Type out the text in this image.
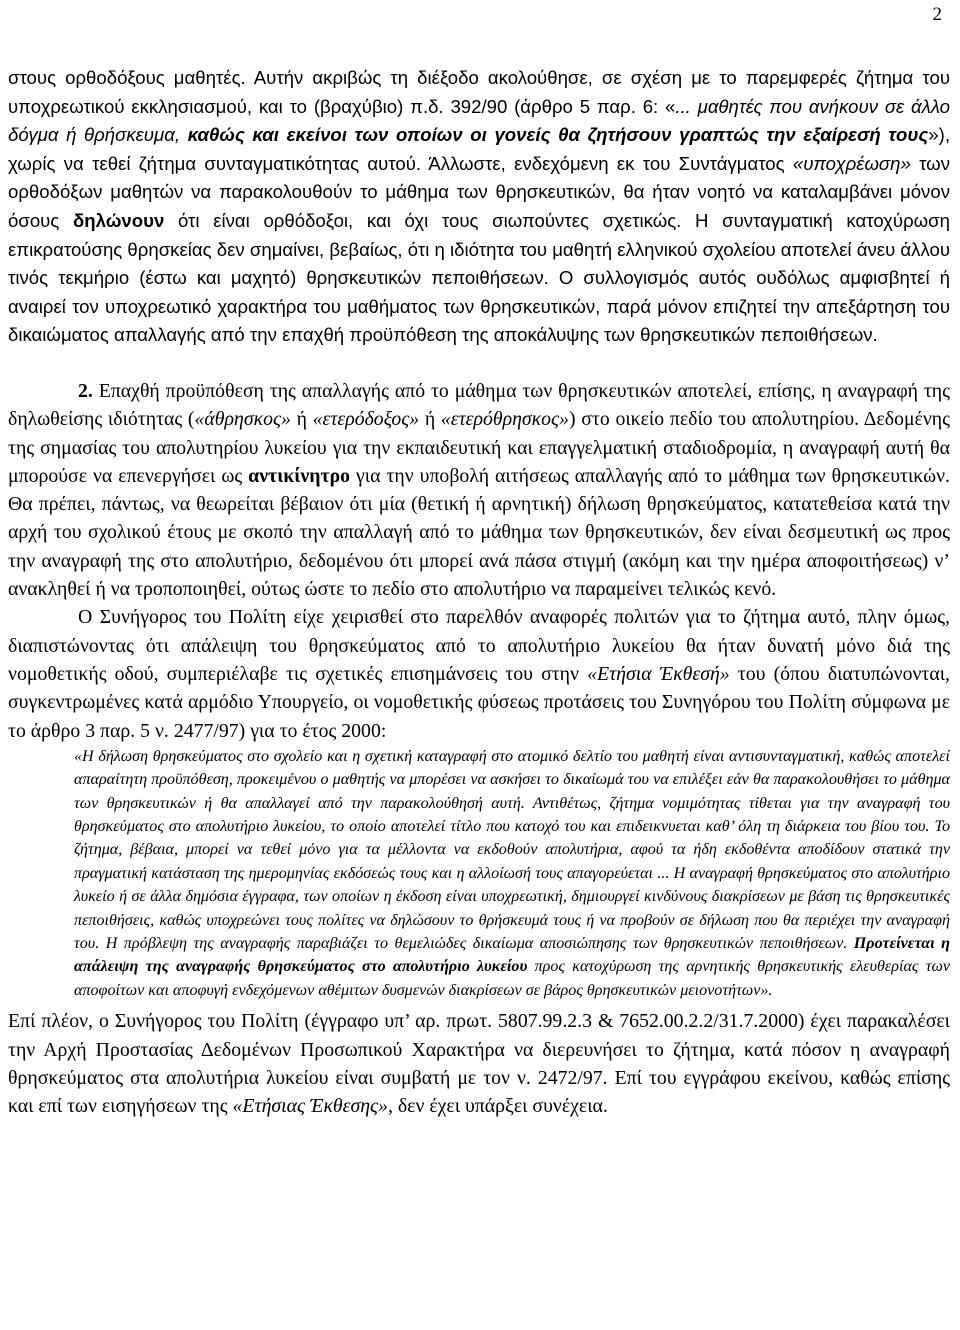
2

στους ορθοδόξους μαθητές. Αυτήν ακριβώς τη διέξοδο ακολούθησε, σε σχέση με το παρεμφερές ζήτημα του υποχρεωτικού εκκλησιασμού, και το (βραχύβιο) π.δ. 392/90 (άρθρο 5 παρ. 6: «... μαθητές που ανήκουν σε άλλο δόγμα ή θρήσκευμα, καθώς και εκείνοι των οποίων οι γονείς θα ζητήσουν γραπτώς την εξαίρεσή τους»), χωρίς να τεθεί ζήτημα συνταγματικότητας αυτού. Άλλωστε, ενδεχόμενη εκ του Συντάγματος «υποχρέωση» των ορθοδόξων μαθητών να παρακολουθούν το μάθημα των θρησκευτικών, θα ήταν νοητό να καταλαμβάνει μόνον όσους δηλώνουν ότι είναι ορθόδοξοι, και όχι τους σιωπούντες σχετικώς. Η συνταγματική κατοχύρωση επικρατούσης θρησκείας δεν σημαίνει, βεβαίως, ότι η ιδιότητα του μαθητή ελληνικού σχολείου αποτελεί άνευ άλλου τινός τεκμήριο (έστω και μαχητό) θρησκευτικών πεποιθήσεων. Ο συλλογισμός αυτός ουδόλως αμφισβητεί ή αναιρεί τον υποχρεωτικό χαρακτήρα του μαθήματος των θρησκευτικών, παρά μόνον επιζητεί την απεξάρτηση του δικαιώματος απαλλαγής από την επαχθή προϋπόθεση της αποκάλυψης των θρησκευτικών πεποιθήσεων.

2. Επαχθή προϋπόθεση της απαλλαγής από το μάθημα των θρησκευτικών αποτελεί, επίσης, η αναγραφή της δηλωθείσης ιδιότητας («άθρησκος» ή «ετερόδοξος» ή «ετερόθρησκος») στο οικείο πεδίο του απολυτηρίου. Δεδομένης της σημασίας του απολυτηρίου λυκείου για την εκπαιδευτική και επαγγελματική σταδιοδρομία, η αναγραφή αυτή θα μπορούσε να επενεργήσει ως αντικίνητρο για την υποβολή αιτήσεως απαλλαγής από το μάθημα των θρησκευτικών. Θα πρέπει, πάντως, να θεωρείται βέβαιον ότι μία (θετική ή αρνητική) δήλωση θρησκεύματος, κατατεθείσα κατά την αρχή του σχολικού έτους με σκοπό την απαλλαγή από το μάθημα των θρησκευτικών, δεν είναι δεσμευτική ως προς την αναγραφή της στο απολυτήριο, δεδομένου ότι μπορεί ανά πάσα στιγμή (ακόμη και την ημέρα αποφοιτήσεως) ν’ ανακληθεί ή να τροποποιηθεί, ούτως ώστε το πεδίο στο απολυτήριο να παραμείνει τελικώς κενό.

Ο Συνήγορος του Πολίτη είχε χειρισθεί στο παρελθόν αναφορές πολιτών για το ζήτημα αυτό, πλην όμως, διαπιστώνοντας ότι απάλειψη του θρησκεύματος από το απολυτήριο λυκείου θα ήταν δυνατή μόνο διά της νομοθετικής οδού, συμπεριέλαβε τις σχετικές επισημάνσεις του στην «Ετήσια Έκθεσή» του (όπου διατυπώνονται, συγκεντρωμένες κατά αρμόδιο Υπουργείο, οι νομοθετικής φύσεως προτάσεις του Συνηγόρου του Πολίτη σύμφωνα με το άρθρο 3 παρ. 5 ν. 2477/97) για το έτος 2000:

«Η δήλωση θρησκεύματος στο σχολείο και η σχετική καταγραφή στο ατομικό δελτίο του μαθητή είναι αντισυνταγματική, καθώς αποτελεί απαραίτητη προϋπόθεση, προκειμένου ο μαθητής να μπορέσει να ασκήσει το δικαίωμά του να επιλέξει εάν θα παρακολουθήσει το μάθημα των θρησκευτικών ή θα απαλλαγεί από την παρακολούθησή αυτή. Αντιθέτως, ζήτημα νομιμότητας τίθεται για την αναγραφή του θρησκεύματος στο απολυτήριο λυκείου, το οποίο αποτελεί τίτλο που κατοχό του και επιδεικνυεται καθ’ όλη τη διάρκεια του βίου του. Το ζήτημα, βέβαια, μπορεί να τεθεί μόνο για τα μέλλοντα να εκδοθούν απολυτήρια, αφού τα ήδη εκδοθέντα αποδίδουν στατικά την πραγματική κατάσταση της ημερομηνίας εκδόσεώς τους και η αλλοίωσή τους απαγορεύεται ... Η αναγραφή θρησκεύματος στο απολυτήριο λυκείο ή σε άλλα δημόσια έγγραφα, των οποίων η έκδοση είναι υποχρεωτική, δημιουργεί κινδύνους διακρίσεων με βάση τις θρησκευτικές πεποιθήσεις, καθώς υποχρεώνει τους πολίτες να δηλώσουν το θρήσκευμά τους ή να προβούν σε δήλωση που θα περιέχει την αναγραφή του. Η πρόβλεψη της αναγραφής παραβιάζει το θεμελιώδες δικαίωμα αποσιώπησης των θρησκευτικών πεποιθήσεων. Προτείνεται η απάλειψη της αναγραφής θρησκεύματος στο απολυτήριο λυκείου προς κατοχύρωση της αρνητικής θρησκευτικής ελευθερίας των αποφοίτων και αποφυγή ενδεχόμενων αθέμιτων δυσμενών διακρίσεων σε βάρος θρησκευτικών μειονοτήτων».

Επί πλέον, ο Συνήγορος του Πολίτη (έγγραφο υπ’ αρ. πρωτ. 5807.99.2.3 & 7652.00.2.2/31.7.2000) έχει παρακαλέσει την Αρχή Προστασίας Δεδομένων Προσωπικού Χαρακτήρα να διερευνήσει το ζήτημα, κατά πόσον η αναγραφή θρησκεύματος στα απολυτήρια λυκείου είναι συμβατή με τον ν. 2472/97. Επί του εγγράφου εκείνου, καθώς επίσης και επί των εισηγήσεων της «Ετήσιας Έκθεσης», δεν έχει υπάρξει συνέχεια.
